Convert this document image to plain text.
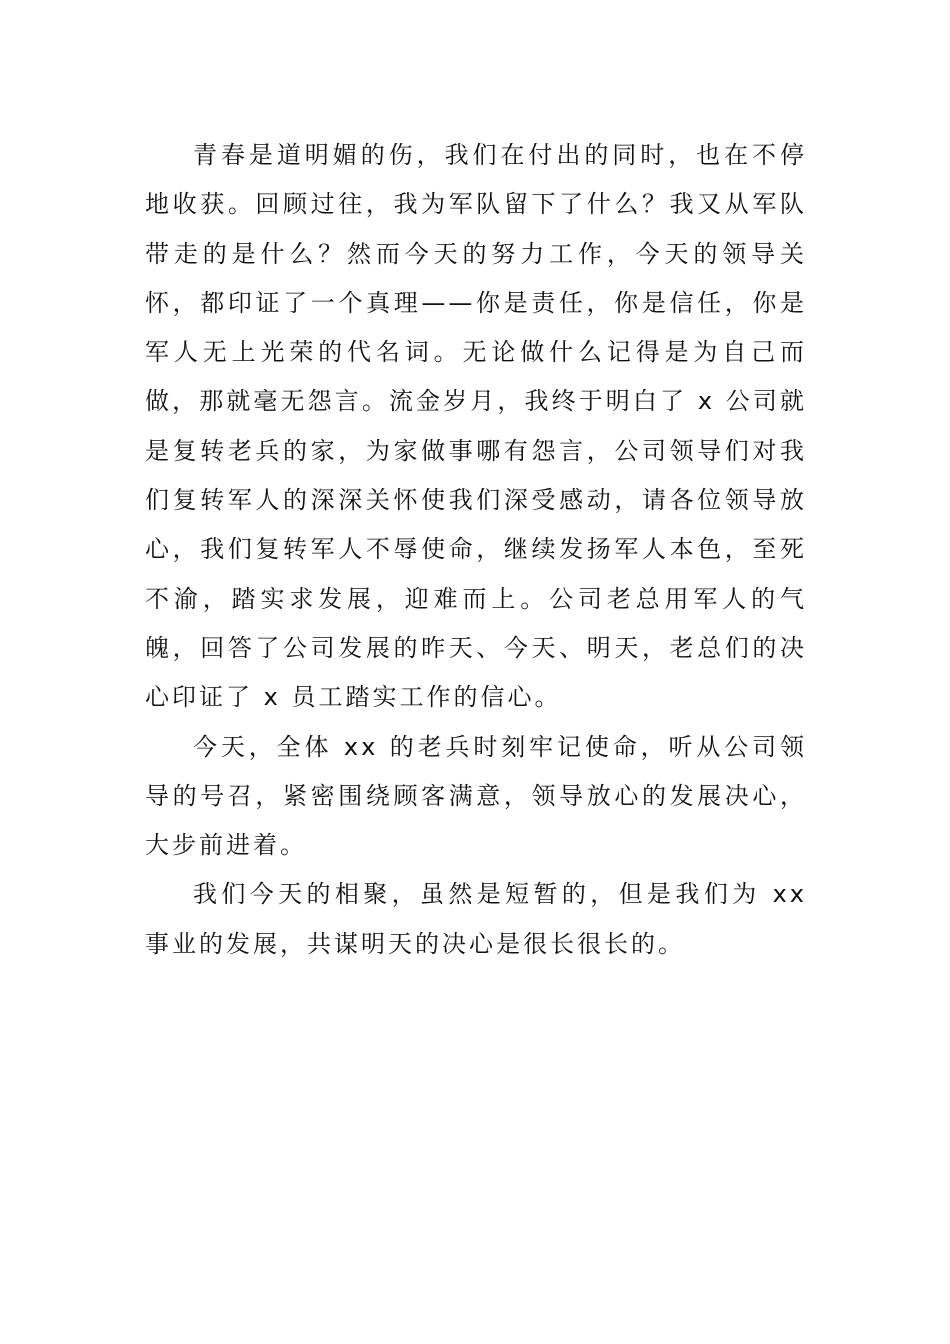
青春是道明媚的伤，我们在付出的同时，也在不停地收获。回顾过往，我为军队留下了什么？我又从军队带走的是什么？然而今天的努力工作，今天的领导关怀，都印证了一个真理——你是责任，你是信任，你是军人无上光荣的代名词。无论做什么记得是为自己而做，那就毫无怨言。流金岁月，我终于明白了 x 公司就是复转老兵的家，为家做事哪有怨言，公司领导们对我们复转军人的深深关怀使我们深受感动，请各位领导放心，我们复转军人不辱使命，继续发扬军人本色，至死不渝，踏实求发展，迎难而上。公司老总用军人的气魄，回答了公司发展的昨天、今天、明天，老总们的决心印证了 x 员工踏实工作的信心。

今天，全体 xx 的老兵时刻牢记使命，听从公司领导的号召，紧密围绕顾客满意，领导放心的发展决心，大步前进着。

我们今天的相聚，虽然是短暂的，但是我们为 xx 事业的发展，共谋明天的决心是很长很长的。
